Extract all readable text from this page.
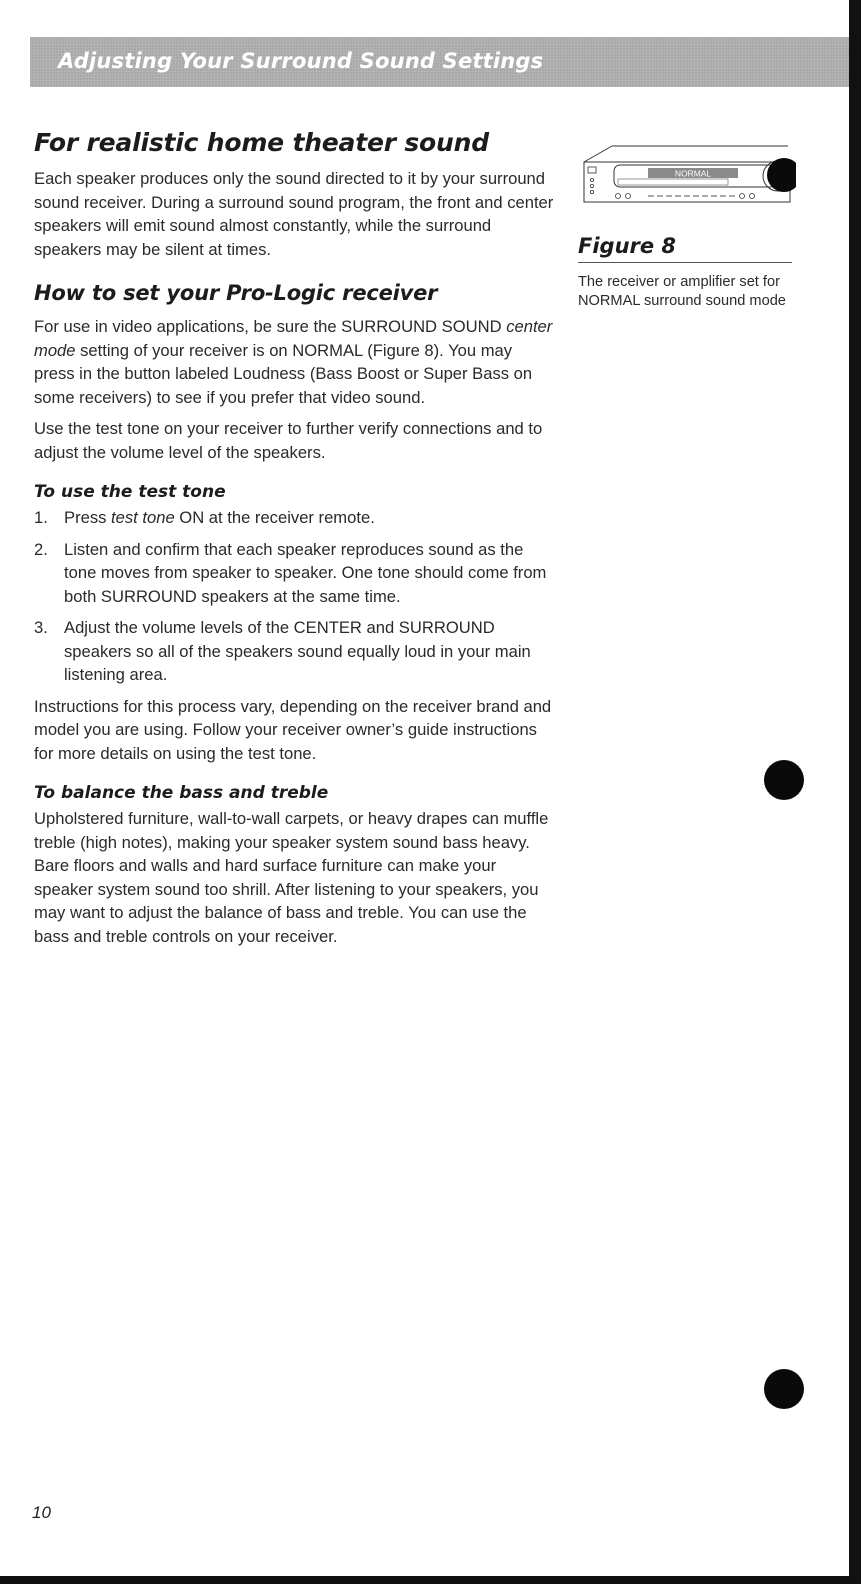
Adjusting Your Surround Sound Settings
For realistic home theater sound

Each speaker produces only the sound directed to it by your surround sound receiver. During a surround sound program, the front and center speakers will emit sound almost constantly, while the surround speakers may be silent at times.

How to set your Pro-Logic receiver

For use in video applications, be sure the SURROUND SOUND center mode setting of your receiver is on NORMAL (Figure 8). You may press in the button labeled Loudness (Bass Boost or Super Bass on some receivers) to see if you prefer that video sound.

Use the test tone on your receiver to further verify connections and to adjust the volume level of the speakers.

To use the test tone
1. Press test tone ON at the receiver remote.
2. Listen and confirm that each speaker reproduces sound as the tone moves from speaker to speaker. One tone should come from both SURROUND speakers at the same time.
3. Adjust the volume levels of the CENTER and SURROUND speakers so all of the speakers sound equally loud in your main listening area.

Instructions for this process vary, depending on the receiver brand and model you are using. Follow your receiver owner’s guide instructions for more details on using the test tone.

To balance the bass and treble

Upholstered furniture, wall-to-wall carpets, or heavy drapes can muffle treble (high notes), making your speaker system sound bass heavy. Bare floors and walls and hard surface furniture can make your speaker system sound too shrill. After listening to your speakers, you may want to adjust the balance of bass and treble. You can use the bass and treble controls on your receiver.

NORMAL
Figure 8
The receiver or amplifier set for NORMAL surround sound mode
10
